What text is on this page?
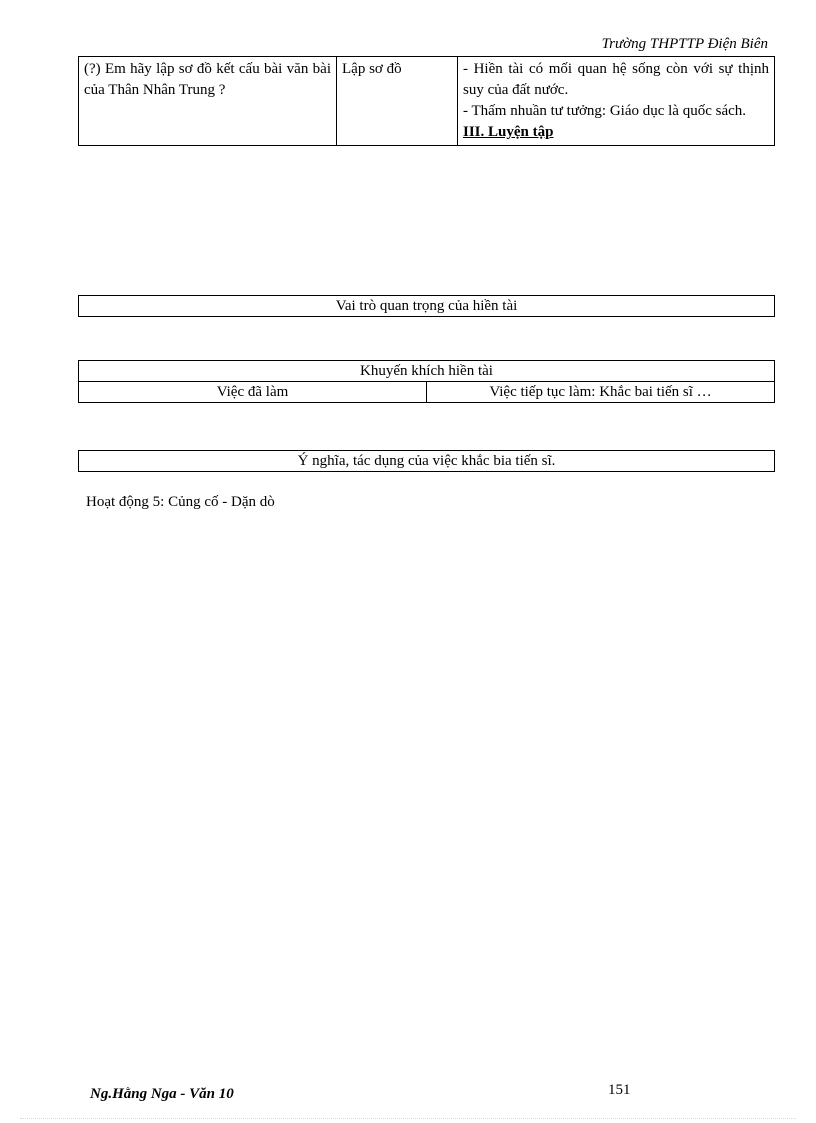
Trường THPTTP Điện Biên
(?) Em hãy lập sơ đồ kết cấu bài văn bài của Thân Nhân Trung ?	Lập sơ đồ	- Hiền tài có mối quan hệ sống còn với sự thịnh suy của đất nước.
- Thấm nhuần tư tưởng: Giáo dục là quốc sách.
III. Luyện tập
Vai trò quan trọng của hiền tài
Khuyến khích hiền tài
Việc đã làm	Việc tiếp tục làm: Khắc bai tiến sĩ …
Ý nghĩa, tác dụng của việc khắc bia tiến sĩ.
Hoạt động 5: Củng cố - Dặn dò
Ng.Hằng Nga - Văn 10	151
